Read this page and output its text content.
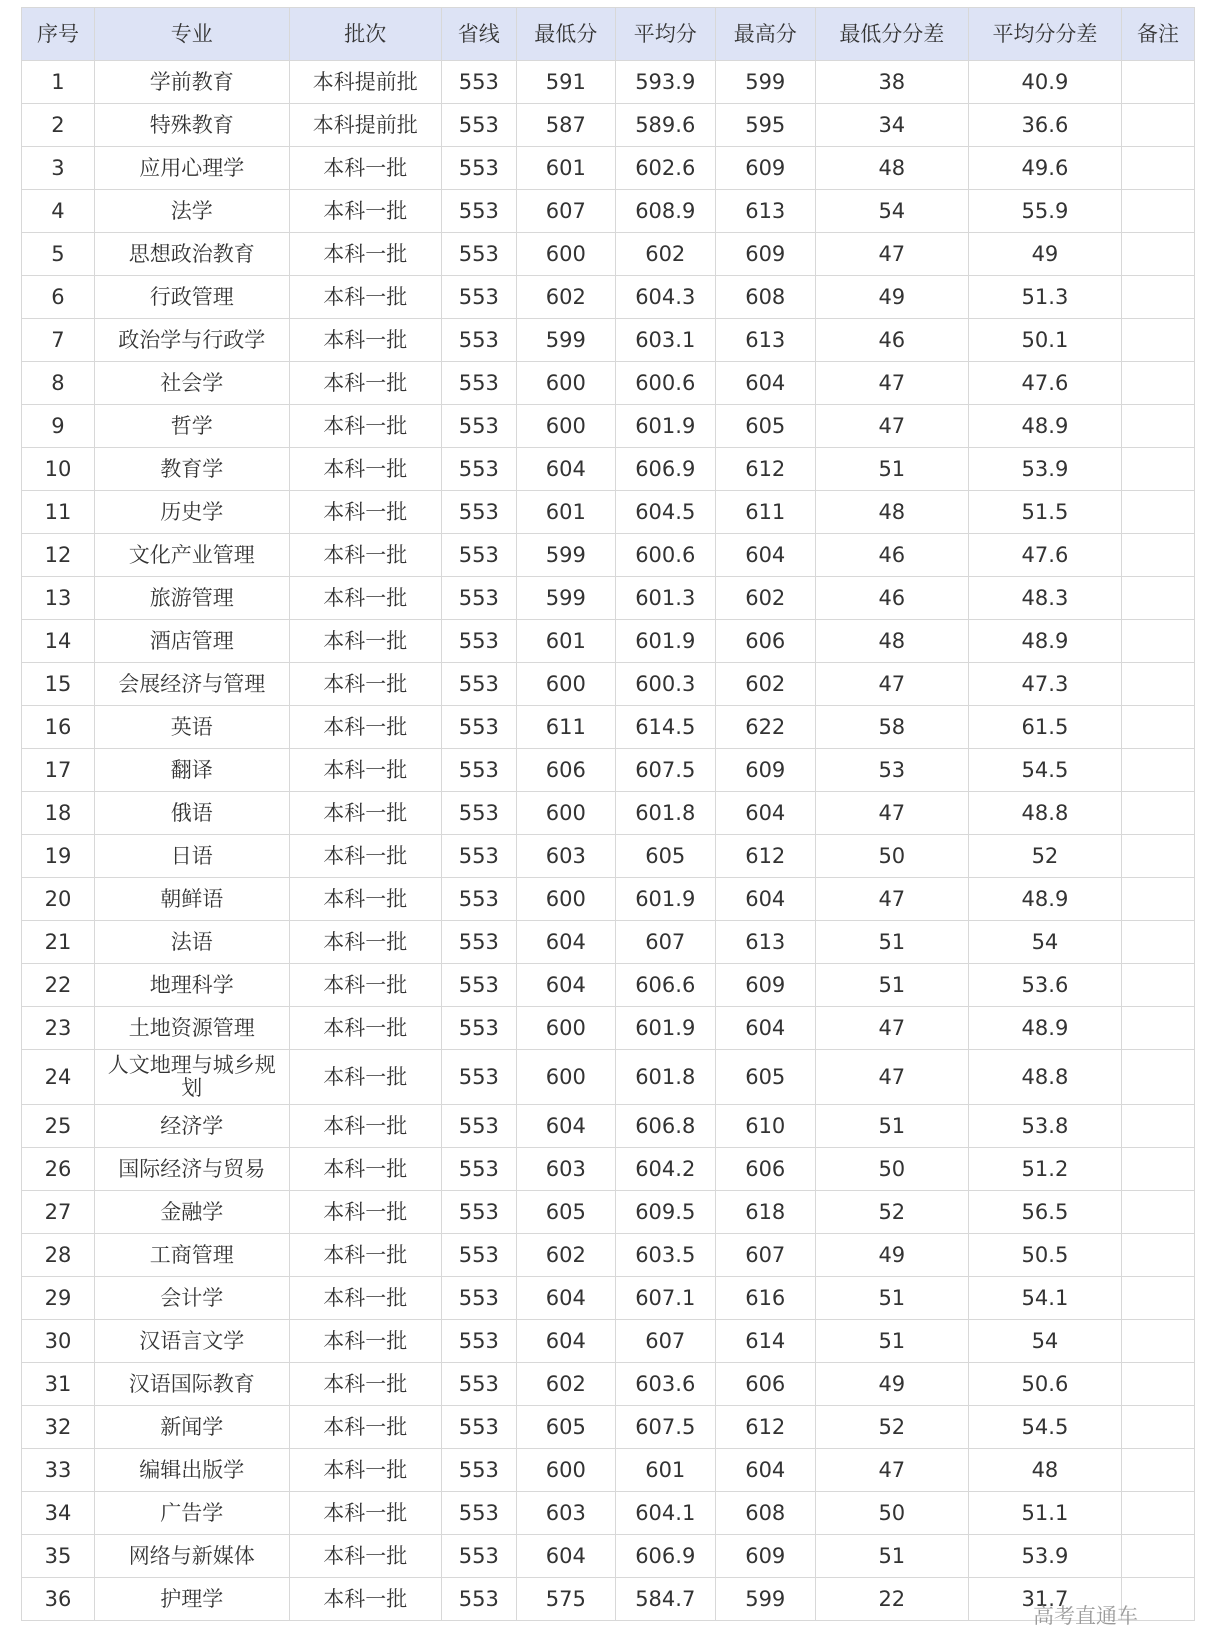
序号	专业	批次	省线	最低分	平均分	最高分	最低分分差	平均分分差	备注
1	学前教育	本科提前批	553	591	593.9	599	38	40.9	
2	特殊教育	本科提前批	553	587	589.6	595	34	36.6	
3	应用心理学	本科一批	553	601	602.6	609	48	49.6	
4	法学	本科一批	553	607	608.9	613	54	55.9	
5	思想政治教育	本科一批	553	600	602	609	47	49	
6	行政管理	本科一批	553	602	604.3	608	49	51.3	
7	政治学与行政学	本科一批	553	599	603.1	613	46	50.1	
8	社会学	本科一批	553	600	600.6	604	47	47.6	
9	哲学	本科一批	553	600	601.9	605	47	48.9	
10	教育学	本科一批	553	604	606.9	612	51	53.9	
11	历史学	本科一批	553	601	604.5	611	48	51.5	
12	文化产业管理	本科一批	553	599	600.6	604	46	47.6	
13	旅游管理	本科一批	553	599	601.3	602	46	48.3	
14	酒店管理	本科一批	553	601	601.9	606	48	48.9	
15	会展经济与管理	本科一批	553	600	600.3	602	47	47.3	
16	英语	本科一批	553	611	614.5	622	58	61.5	
17	翻译	本科一批	553	606	607.5	609	53	54.5	
18	俄语	本科一批	553	600	601.8	604	47	48.8	
19	日语	本科一批	553	603	605	612	50	52	
20	朝鲜语	本科一批	553	600	601.9	604	47	48.9	
21	法语	本科一批	553	604	607	613	51	54	
22	地理科学	本科一批	553	604	606.6	609	51	53.6	
23	土地资源管理	本科一批	553	600	601.9	604	47	48.9	
24	人文地理与城乡规划	本科一批	553	600	601.8	605	47	48.8	
25	经济学	本科一批	553	604	606.8	610	51	53.8	
26	国际经济与贸易	本科一批	553	603	604.2	606	50	51.2	
27	金融学	本科一批	553	605	609.5	618	52	56.5	
28	工商管理	本科一批	553	602	603.5	607	49	50.5	
29	会计学	本科一批	553	604	607.1	616	51	54.1	
30	汉语言文学	本科一批	553	604	607	614	51	54	
31	汉语国际教育	本科一批	553	602	603.6	606	49	50.6	
32	新闻学	本科一批	553	605	607.5	612	52	54.5	
33	编辑出版学	本科一批	553	600	601	604	47	48	
34	广告学	本科一批	553	603	604.1	608	50	51.1	
35	网络与新媒体	本科一批	553	604	606.9	609	51	53.9	
36	护理学	本科一批	553	575	584.7	599	22	31.7	
高考直通车
